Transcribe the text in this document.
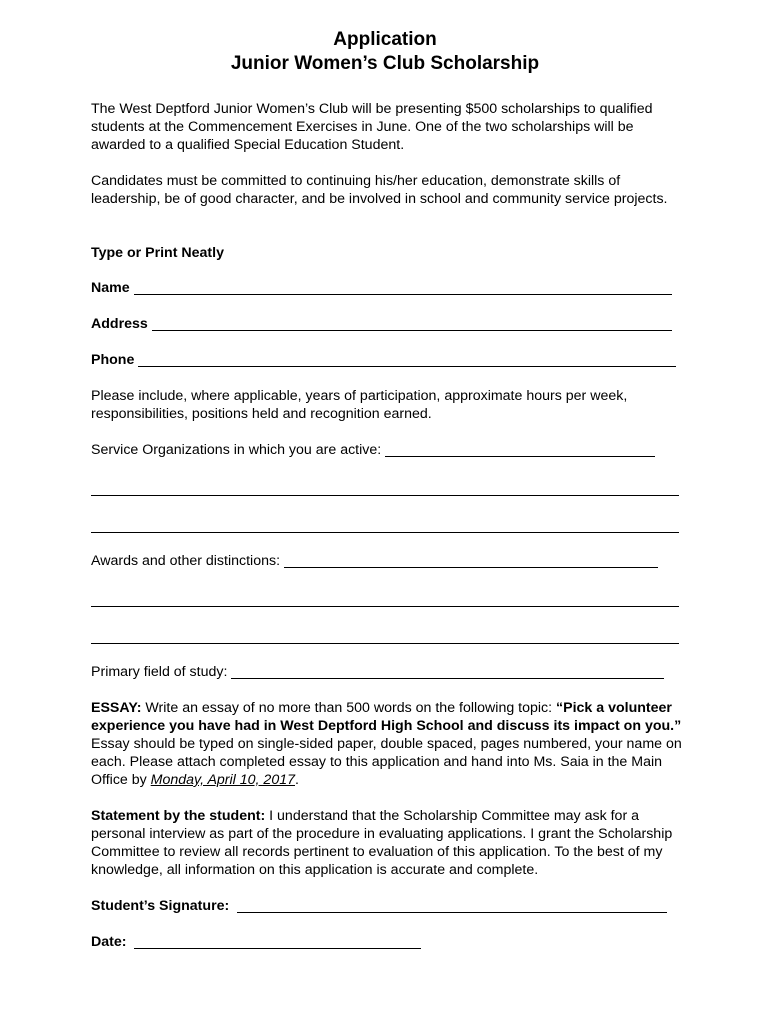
Application
Junior Women’s Club Scholarship

The West Deptford Junior Women’s Club will be presenting $500 scholarships to qualified students at the Commencement Exercises in June. One of the two scholarships will be awarded to a qualified Special Education Student.

Candidates must be committed to continuing his/her education, demonstrate skills of leadership, be of good character, and be involved in school and community service projects.

Type or Print Neatly

Name
Address
Phone

Please include, where applicable, years of participation, approximate hours per week, responsibilities, positions held and recognition earned.

Service Organizations in which you are active:
Awards and other distinctions:
Primary field of study:

ESSAY: Write an essay of no more than 500 words on the following topic: “Pick a volunteer experience you have had in West Deptford High School and discuss its impact on you.” Essay should be typed on single-sided paper, double spaced, pages numbered, your name on each. Please attach completed essay to this application and hand into Ms. Saia in the Main Office by Monday, April 10, 2017.

Statement by the student: I understand that the Scholarship Committee may ask for a personal interview as part of the procedure in evaluating applications. I grant the Scholarship Committee to review all records pertinent to evaluation of this application. To the best of my knowledge, all information on this application is accurate and complete.

Student’s Signature:
Date:
